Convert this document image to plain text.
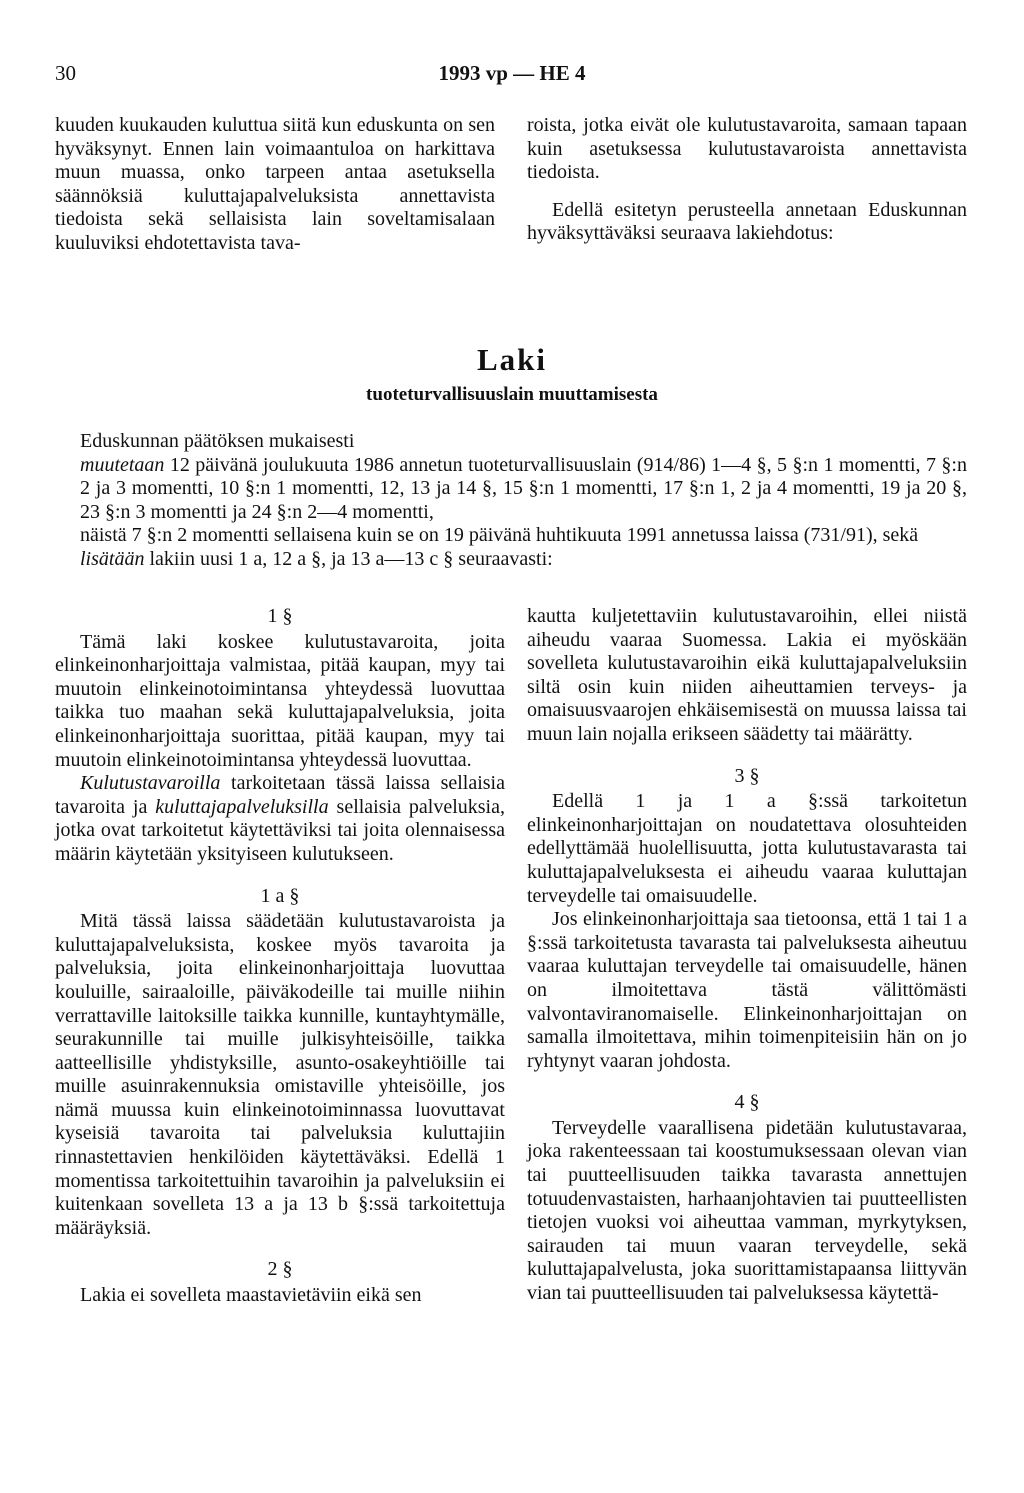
30	1993 vp — HE 4

kuuden kuukauden kuluttua siitä kun eduskunta on sen hyväksynyt. Ennen lain voimaantuloa on harkittava muun muassa, onko tarpeen antaa asetuksella säännöksiä kuluttajapalveluksista annettavista tiedoista sekä sellaisista lain soveltamisalaan kuuluviksi ehdotettavista tava-

roista, jotka eivät ole kulutustavaroita, samaan tapaan kuin asetuksessa kulutustavaroista annettavista tiedoista.

Edellä esitetyn perusteella annetaan Eduskunnan hyväksyttäväksi seuraava lakiehdotus:

Laki
tuoteturvallisuuslain muuttamisesta

Eduskunnan päätöksen mukaisesti

muutetaan 12 päivänä joulukuuta 1986 annetun tuoteturvallisuuslain (914/86) 1—4 §, 5 §:n 1 momentti, 7 §:n 2 ja 3 momentti, 10 §:n 1 momentti, 12, 13 ja 14 §, 15 §:n 1 momentti, 17 §:n 1, 2 ja 4 momentti, 19 ja 20 §, 23 §:n 3 momentti ja 24 §:n 2—4 momentti,

näistä 7 §:n 2 momentti sellaisena kuin se on 19 päivänä huhtikuuta 1991 annetussa laissa (731/91), sekä

lisätään lakiin uusi 1 a, 12 a §, ja 13 a—13 c § seuraavasti:

1 §

Tämä laki koskee kulutustavaroita, joita elinkeinonharjoittaja valmistaa, pitää kaupan, myy tai muutoin elinkeinotoimintansa yhteydessä luovuttaa taikka tuo maahan sekä kuluttajapalveluksia, joita elinkeinonharjoittaja suorittaa, pitää kaupan, myy tai muutoin elinkeinotoimintansa yhteydessä luovuttaa.

Kulutustavaroilla tarkoitetaan tässä laissa sellaisia tavaroita ja kuluttajapalveluksilla sellaisia palveluksia, jotka ovat tarkoitetut käytettäviksi tai joita olennaisessa määrin käytetään yksityiseen kulutukseen.

1 a §

Mitä tässä laissa säädetään kulutustavaroista ja kuluttajapalveluksista, koskee myös tavaroita ja palveluksia, joita elinkeinonharjoittaja luovuttaa kouluille, sairaaloille, päiväkodeille tai muille niihin verrattaville laitoksille taikka kunnille, kuntayhtymälle, seurakunnille tai muille julkisyhteisöille, taikka aatteellisille yhdistyksille, asunto-osakeyhtiöille tai muille asuinrakennuksia omistaville yhteisöille, jos nämä muussa kuin elinkeinotoiminnassa luovuttavat kyseisiä tavaroita tai palveluksia kuluttajiin rinnastettavien henkilöiden käytettäväksi. Edellä 1 momentissa tarkoitettuihin tavaroihin ja palveluksiin ei kuitenkaan sovelleta 13 a ja 13 b §:ssä tarkoitettuja määräyksiä.

2 §

Lakia ei sovelleta maastavietäviin eikä sen

kautta kuljetettaviin kulutustavaroihin, ellei niistä aiheudu vaaraa Suomessa. Lakia ei myöskään sovelleta kulutustavaroihin eikä kuluttajapalveluksiin siltä osin kuin niiden aiheuttamien terveys- ja omaisuusvaarojen ehkäisemisestä on muussa laissa tai muun lain nojalla erikseen säädetty tai määrätty.

3 §

Edellä 1 ja 1 a §:ssä tarkoitetun elinkeinonharjoittajan on noudatettava olosuhteiden edellyttämää huolellisuutta, jotta kulutustavarasta tai kuluttajapalveluksesta ei aiheudu vaaraa kuluttajan terveydelle tai omaisuudelle.

Jos elinkeinonharjoittaja saa tietoonsa, että 1 tai 1 a §:ssä tarkoitetusta tavarasta tai palveluksesta aiheutuu vaaraa kuluttajan terveydelle tai omaisuudelle, hänen on ilmoitettava tästä välittömästi valvontaviranomaiselle. Elinkeinonharjoittajan on samalla ilmoitettava, mihin toimenpiteisiin hän on jo ryhtynyt vaaran johdosta.

4 §

Terveydelle vaarallisena pidetään kulutustavaraa, joka rakenteessaan tai koostumuksessaan olevan vian tai puutteellisuuden taikka tavarasta annettujen totuudenvastaisten, harhaanjohtavien tai puutteellisten tietojen vuoksi voi aiheuttaa vamman, myrkytyksen, sairauden tai muun vaaran terveydelle, sekä kuluttajapalvelusta, joka suorittamistapaansa liittyvän vian tai puutteellisuuden tai palveluksessa käytettä-
